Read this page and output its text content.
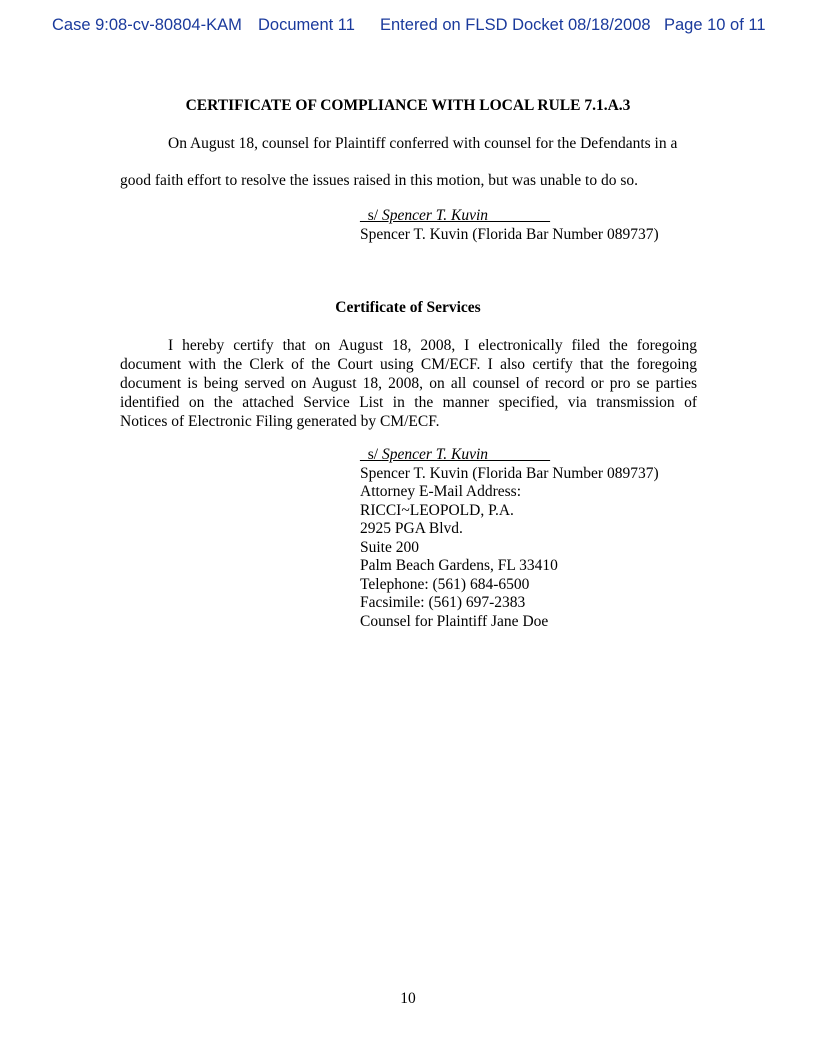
Case 9:08-cv-80804-KAM Document 11 Entered on FLSD Docket 08/18/2008 Page 10 of 11
CERTIFICATE OF COMPLIANCE WITH LOCAL RULE 7.1.A.3
On August 18, counsel for Plaintiff conferred with counsel for the Defendants in a
good faith effort to resolve the issues raised in this motion, but was unable to do so.
_s/ Spencer T. Kuvin________
Spencer T. Kuvin (Florida Bar Number 089737)
Certificate of Services
I hereby certify that on August 18, 2008, I electronically filed the foregoing
document with the Clerk of the Court using CM/ECF. I also certify that the foregoing
document is being served on August 18, 2008, on all counsel of record or pro se parties
identified on the attached Service List in the manner specified, via transmission of
Notices of Electronic Filing generated by CM/ECF.
_s/ Spencer T. Kuvin________
Spencer T. Kuvin (Florida Bar Number 089737)
Attorney E-Mail Address:
RICCI~LEOPOLD, P.A.
2925 PGA Blvd.
Suite 200
Palm Beach Gardens, FL 33410
Telephone: (561) 684-6500
Facsimile: (561) 697-2383
Counsel for Plaintiff Jane Doe
10
